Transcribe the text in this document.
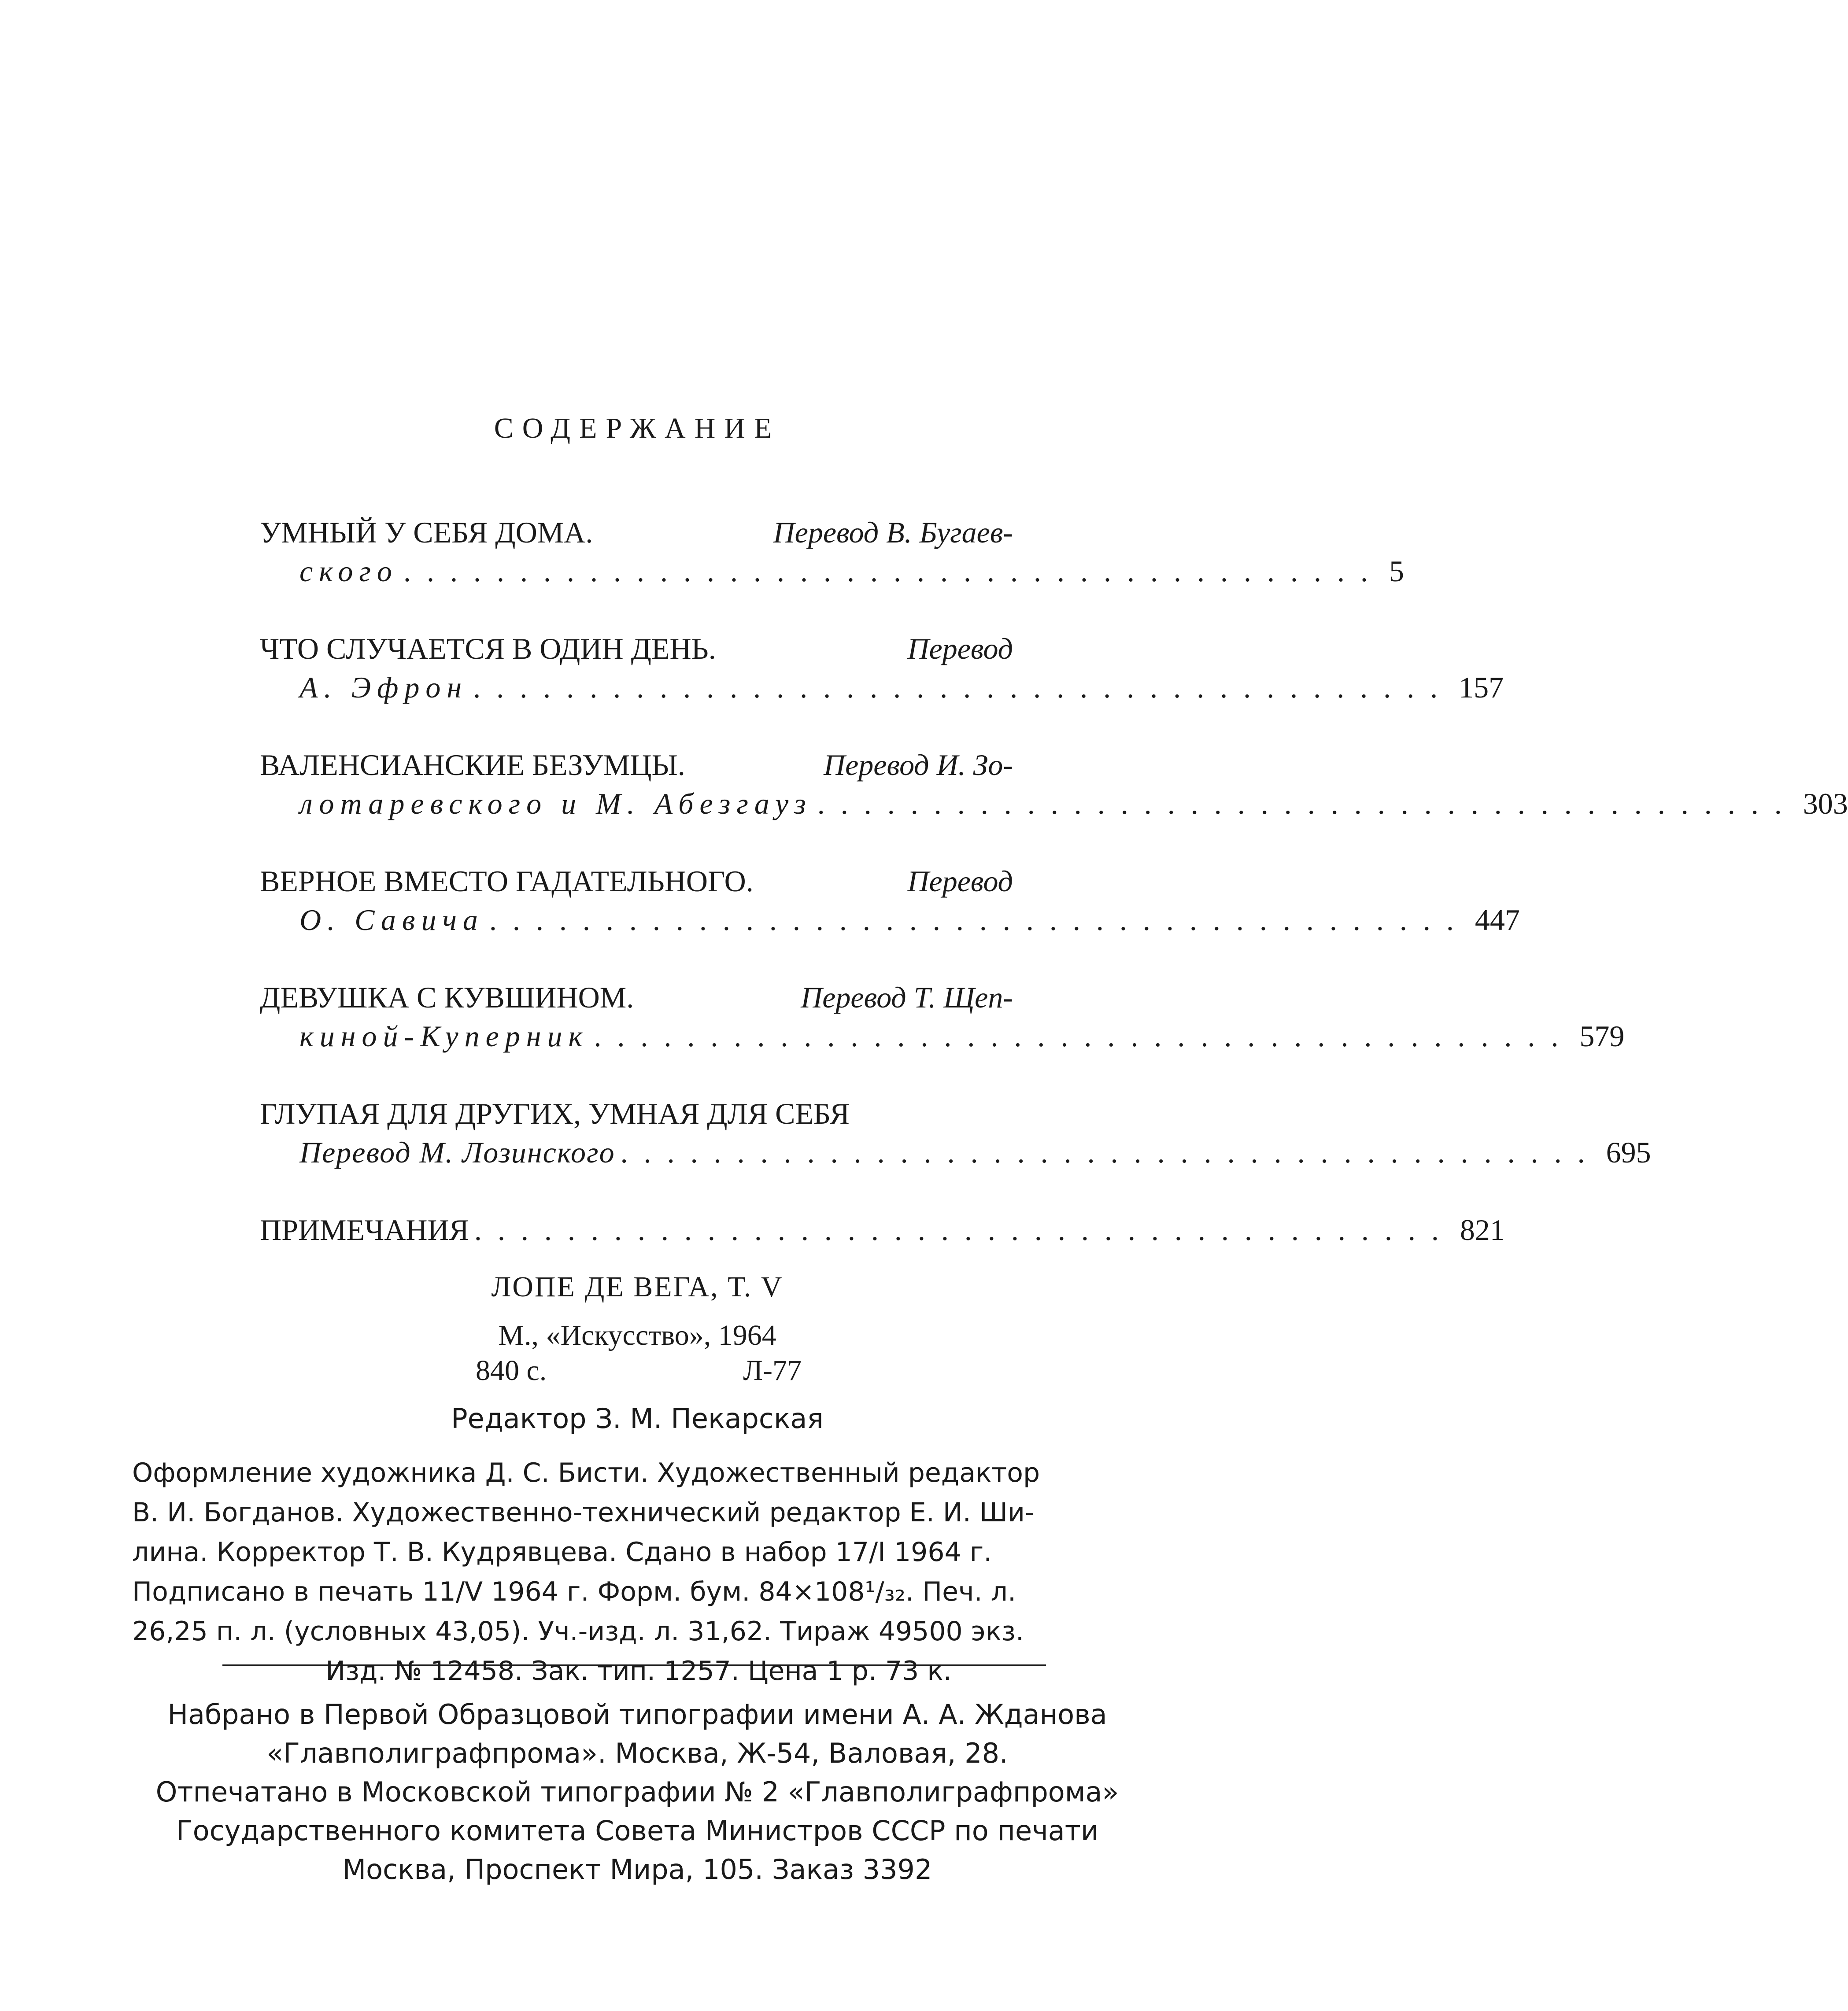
СОДЕРЖАНИЕ
УМНЫЙ У СЕБЯ ДОМА.	Перевод В. Бугаев-
ского .......................................... 5
ЧТО СЛУЧАЕТСЯ В ОДИН ДЕНЬ.	Перевод
А. Эфрон .......................................... 157
ВАЛЕНСИАНСКИЕ БЕЗУМЦЫ.	Перевод И. Зо-
лотаревского и М. Абезгауз .......................................... 303
ВЕРНОЕ ВМЕСТО ГАДАТЕЛЬНОГО.	Перевод
О. Савича .......................................... 447
ДЕВУШКА С КУВШИНОМ.	Перевод Т. Щеп-
киной-Куперник .......................................... 579
ГЛУПАЯ ДЛЯ ДРУГИХ, УМНАЯ ДЛЯ СЕБЯ
Перевод М. Лозинского .......................................... 695
ПРИМЕЧАНИЯ .......................................... 821
ЛОПЕ ДЕ ВЕГА, Т. V
М., «Искусство», 1964
840 с.	Л-77
Редактор З. М. Пекарская
Оформление художника Д. С. Бисти. Художественный редактор
В. И. Богданов. Художественно-технический редактор Е. И. Ши-
лина. Корректор Т. В. Кудрявцева. Сдано в набор 17/I 1964 г.
Подписано в печать 11/V 1964 г. Форм. бум. 84×108¹/₃₂. Печ. л.
26,25 п. л. (условных 43,05). Уч.-изд. л. 31,62. Тираж 49500 экз.
Изд. № 12458. Зак. тип. 1257. Цена 1 р. 73 к.
Набрано в Первой Образцовой типографии имени А. А. Жданова
«Главполиграфпрома». Москва, Ж-54, Валовая, 28.
Отпечатано в Московской типографии № 2 «Главполиграфпрома»
Государственного комитета Совета Министров СССР по печати
Москва, Проспект Мира, 105. Заказ 3392
